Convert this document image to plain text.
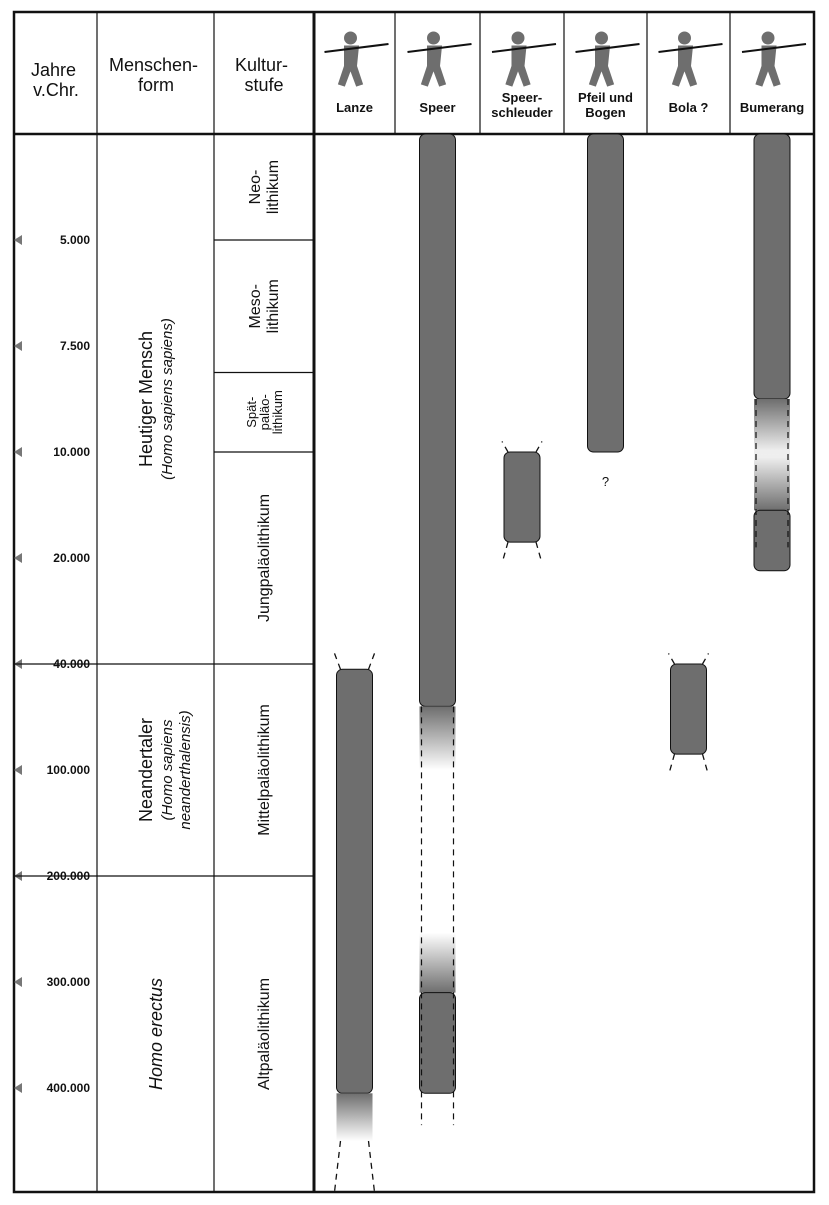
Jahre v.Chr.
Menschen- form
Kultur- stufe
Lanze	Speer
Speer-schleuder
Pfeil und Bogen	Bola ? Bumerang
5.000
7.500
10.000
20.000
40.000
100.000
200.000
300.000
400.000
Heutiger Mensch (Homo sapiens sapiens)
Neandertaler (Homo sapiensneanderthalensis)
Homo erectus
Neo-lithikum
Meso-lithikum
Spät-paläo-lithikum
Jungpaläolithikum
Mittelpaläolithikum
Altpaläolithikum
?
